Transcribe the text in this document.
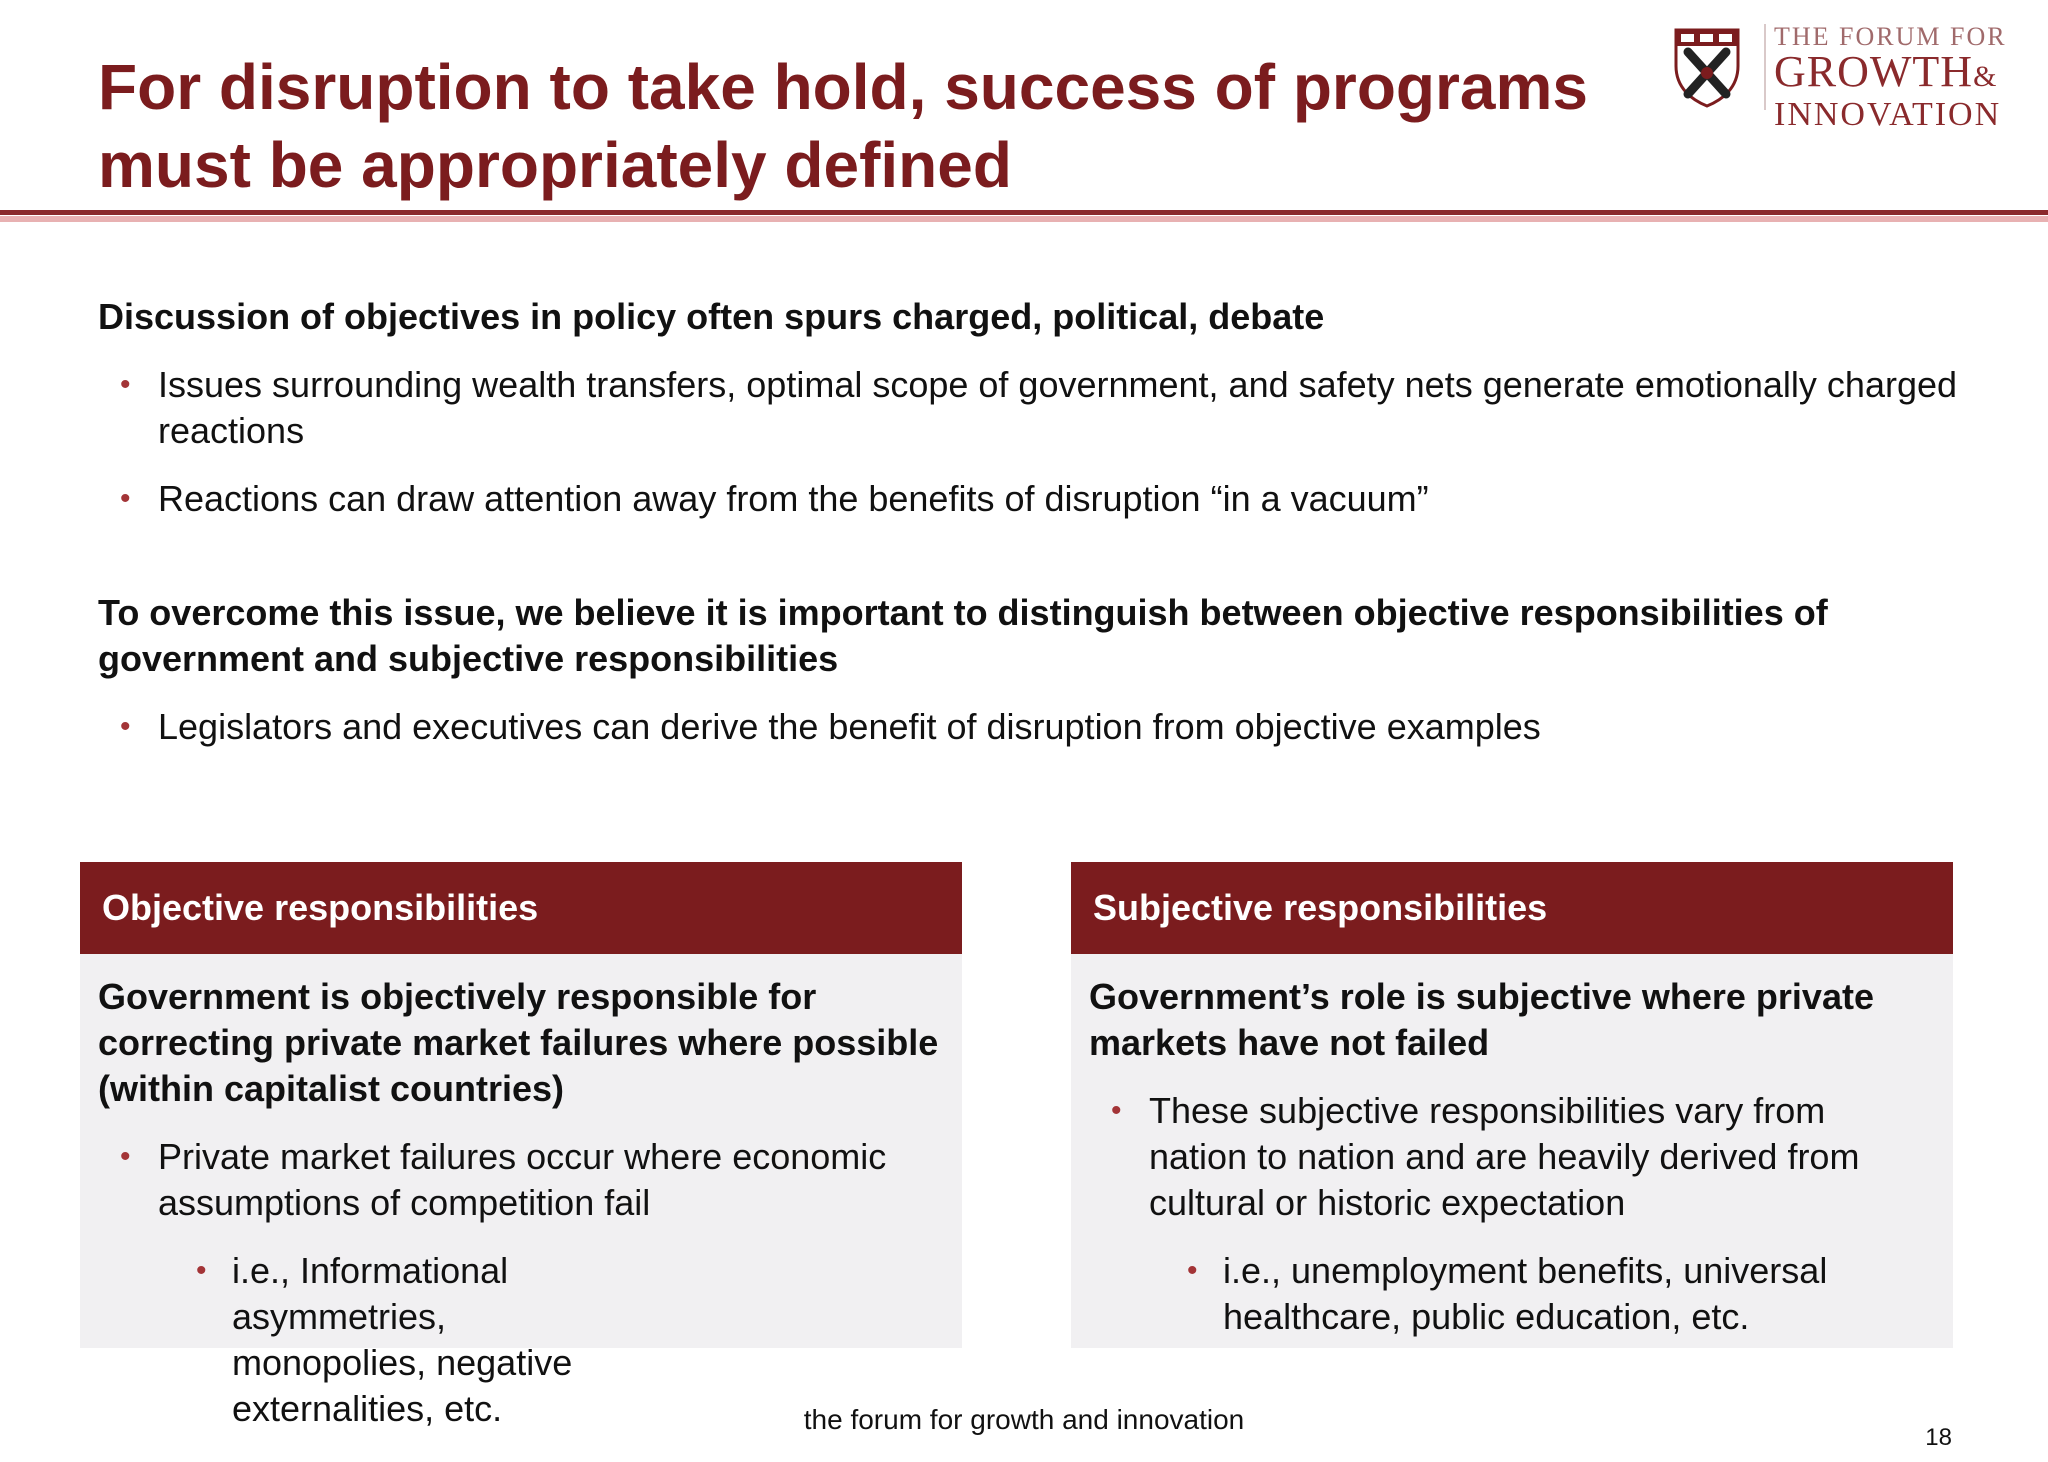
For disruption to take hold, success of programs
must be appropriately defined
THE FORUM FOR
GROWTH&
INNOVATION
Discussion of objectives in policy often spurs charged, political, debate
• Issues surrounding wealth transfers, optimal scope of government, and safety nets generate emotionally charged reactions
• Reactions can draw attention away from the benefits of disruption “in a vacuum”
To overcome this issue, we believe it is important to distinguish between objective responsibilities of government and subjective responsibilities
• Legislators and executives can derive the benefit of disruption from objective examples
Objective responsibilities
Government is objectively responsible for correcting private market failures where possible (within capitalist countries)
• Private market failures occur where economic assumptions of competition fail
• i.e., Informational asymmetries, monopolies, negative externalities, etc.
Subjective responsibilities
Government’s role is subjective where private markets have not failed
• These subjective responsibilities vary from nation to nation and are heavily derived from cultural or historic expectation
• i.e., unemployment benefits, universal healthcare, public education, etc.
the forum for growth and innovation
18
